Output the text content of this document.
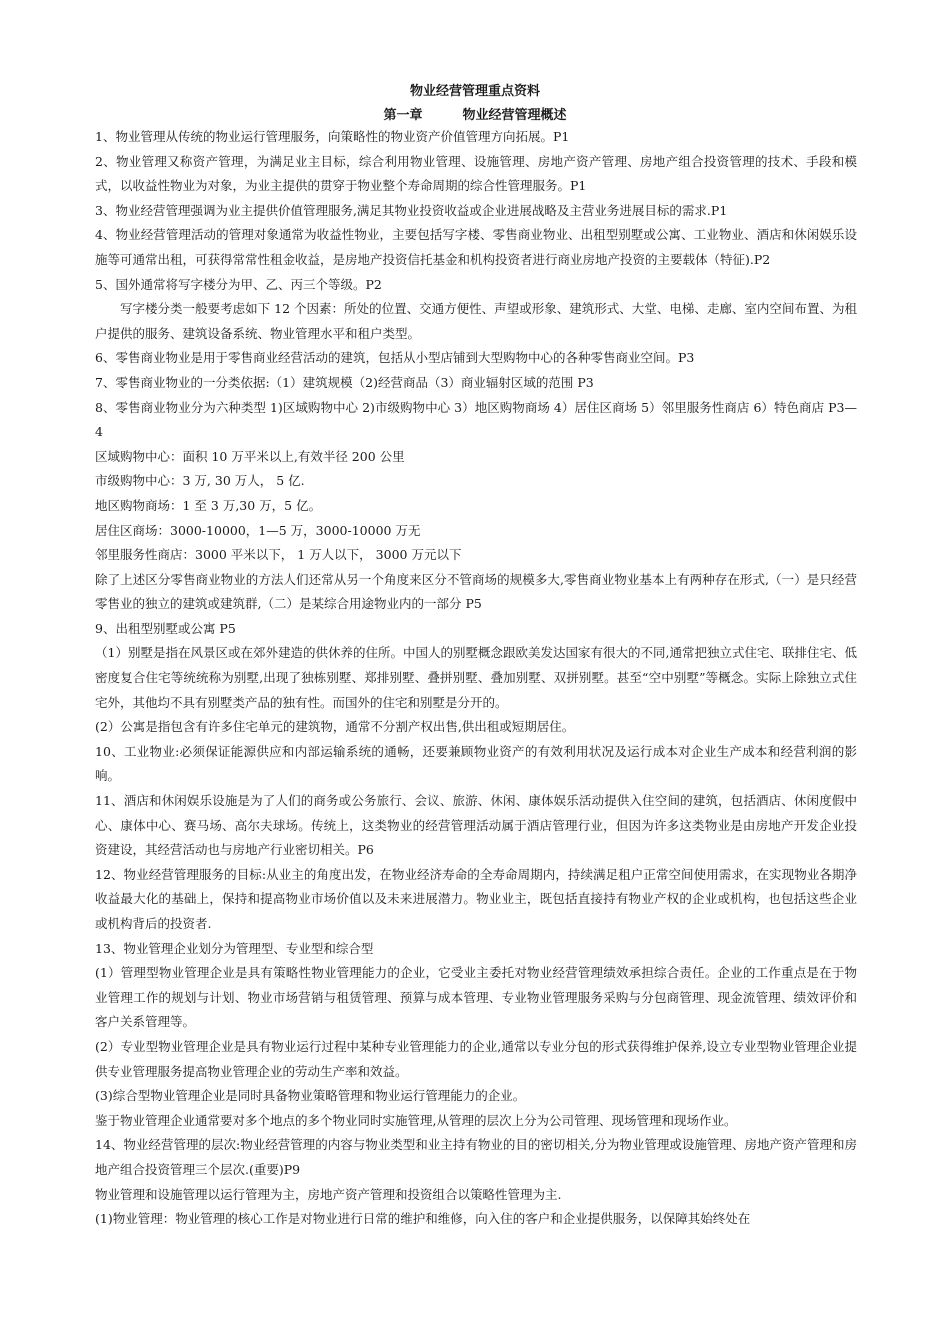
物业经营管理重点资料
第一章	物业经营管理概述

1、物业管理从传统的物业运行管理服务，向策略性的物业资产价值管理方向拓展。P1

2、物业管理又称资产管理，为满足业主目标，综合利用物业管理、设施管理、房地产资产管理、房地产组合投资管理的技术、手段和模式，以收益性物业为对象，为业主提供的贯穿于物业整个寿命周期的综合性管理服务。P1

3、物业经营管理强调为业主提供价值管理服务,满足其物业投资收益或企业进展战略及主营业务进展目标的需求.P1

4、物业经营管理活动的管理对象通常为收益性物业，主要包括写字楼、零售商业物业、出租型别墅或公寓、工业物业、酒店和休闲娱乐设施等可通常出租，可获得常常性租金收益，是房地产投资信托基金和机构投资者进行商业房地产投资的主要载体（特征).P2

5、国外通常将写字楼分为甲、乙、丙三个等级。P2

写字楼分类一般要考虑如下 12 个因素：所处的位置、交通方便性、声望或形象、建筑形式、大堂、电梯、走廊、室内空间布置、为租户提供的服务、建筑设备系统、物业管理水平和租户类型。

6、零售商业物业是用于零售商业经营活动的建筑，包括从小型店铺到大型购物中心的各种零售商业空间。P3

7、零售商业物业的一分类依据:（1）建筑规模（2)经营商品（3）商业辐射区域的范围 P3

8、零售商业物业分为六种类型 1)区域购物中心 2)市级购物中心 3）地区购物商场 4）居住区商场 5）邻里服务性商店 6）特色商店 P3—4

区域购物中心：面积 10 万平米以上,有效半径 200 公里

市级购物中心：3 万, 30 万人， 5 亿.

地区购物商场：1 至 3 万,30 万，5 亿。

居住区商场：3000-10000，1—5 万，3000-10000 万无

邻里服务性商店：3000 平米以下， 1 万人以下， 3000 万元以下

除了上述区分零售商业物业的方法人们还常从另一个角度来区分不管商场的规模多大,零售商业物业基本上有两种存在形式,（一）是只经营零售业的独立的建筑或建筑群,（二）是某综合用途物业内的一部分 P5

9、出租型别墅或公寓 P5

（1）别墅是指在风景区或在郊外建造的供休养的住所。中国人的别墅概念跟欧美发达国家有很大的不同,通常把独立式住宅、联排住宅、低密度复合住宅等统统称为别墅,出现了独栋别墅、郑排别墅、叠拼别墅、叠加别墅、双拼别墅。甚至“空中别墅”等概念。实际上除独立式住宅外，其他均不具有别墅类产品的独有性。而国外的住宅和别墅是分开的。

(2）公寓是指包含有许多住宅单元的建筑物，通常不分割产权出售,供出租或短期居住。

10、工业物业:必须保证能源供应和内部运输系统的通畅，还要兼顾物业资产的有效利用状况及运行成本对企业生产成本和经营利润的影响。

11、酒店和休闲娱乐设施是为了人们的商务或公务旅行、会议、旅游、休闲、康体娱乐活动提供入住空间的建筑，包括酒店、休闲度假中心、康体中心、赛马场、高尔夫球场。传统上，这类物业的经营管理活动属于酒店管理行业，但因为许多这类物业是由房地产开发企业投资建设，其经营活动也与房地产行业密切相关。P6

12、物业经营管理服务的目标:从业主的角度出发，在物业经济寿命的全寿命周期内，持续满足租户正常空间使用需求，在实现物业各期净收益最大化的基础上，保持和提高物业市场价值以及未来进展潜力。物业业主，既包括直接持有物业产权的企业或机构，也包括这些企业或机构背后的投资者.

13、物业管理企业划分为管理型、专业型和综合型

(1）管理型物业管理企业是具有策略性物业管理能力的企业，它受业主委托对物业经营管理绩效承担综合责任。企业的工作重点是在于物业管理工作的规划与计划、物业市场营销与租赁管理、预算与成本管理、专业物业管理服务采购与分包商管理、现金流管理、绩效评价和客户关系管理等。

(2）专业型物业管理企业是具有物业运行过程中某种专业管理能力的企业,通常以专业分包的形式获得维护保养,设立专业型物业管理企业提供专业管理服务提高物业管理企业的劳动生产率和效益。

(3)综合型物业管理企业是同时具备物业策略管理和物业运行管理能力的企业。

鉴于物业管理企业通常要对多个地点的多个物业同时实施管理,从管理的层次上分为公司管理、现场管理和现场作业。

14、物业经营管理的层次:物业经营管理的内容与物业类型和业主持有物业的目的密切相关,分为物业管理或设施管理、房地产资产管理和房地产组合投资管理三个层次.(重要)P9

物业管理和设施管理以运行管理为主，房地产资产管理和投资组合以策略性管理为主.

(1)物业管理：物业管理的核心工作是对物业进行日常的维护和维修，向入住的客户和企业提供服务，以保障其始终处在
